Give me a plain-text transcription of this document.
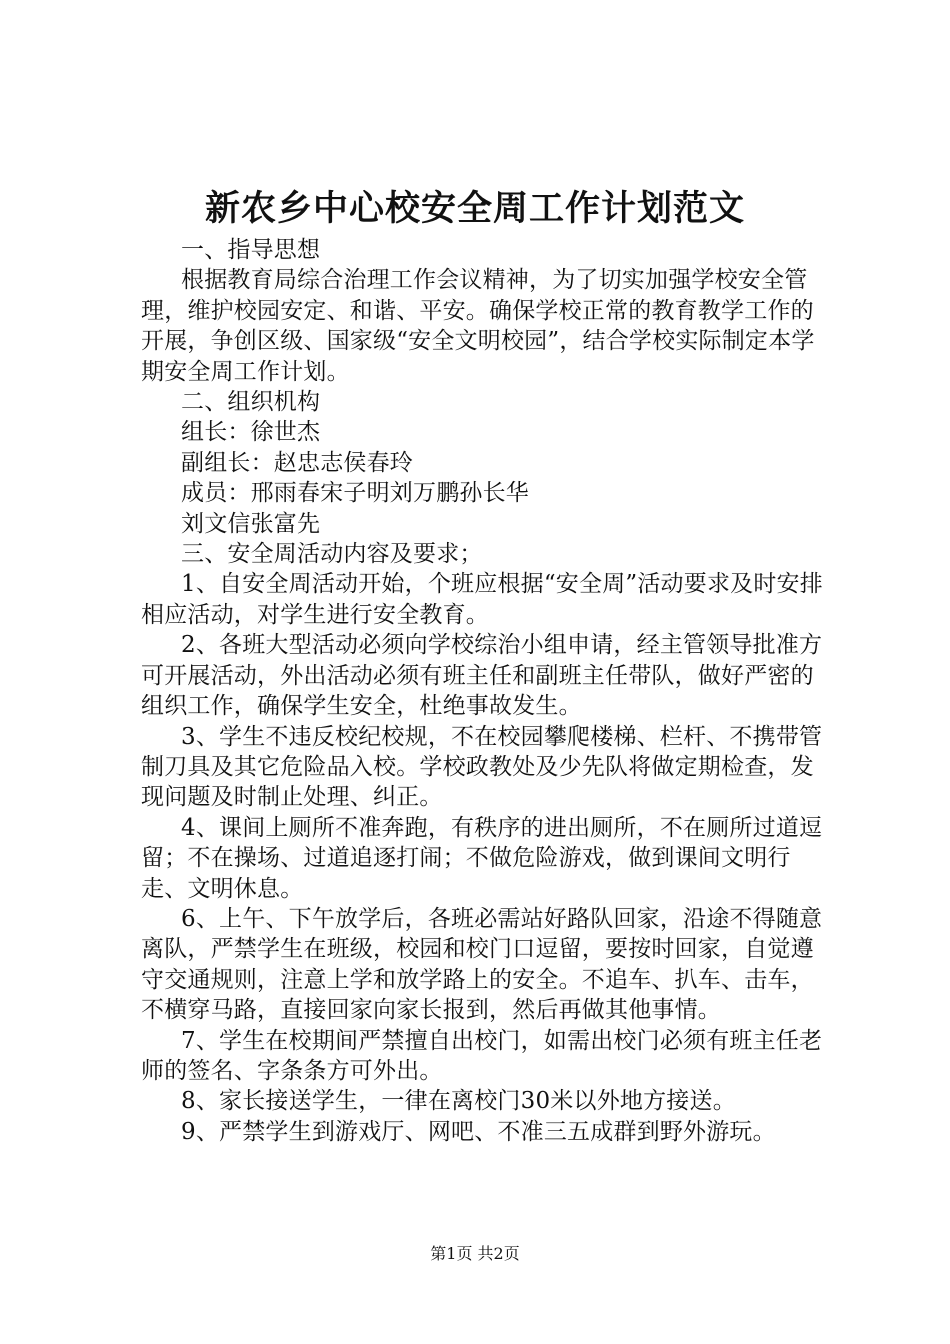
新农乡中心校安全周工作计划范文

一、指导思想

根据教育局综合治理工作会议精神，为了切实加强学校安全管理，维护校园安定、和谐、平安。确保学校正常的教育教学工作的开展，争创区级、国家级“安全文明校园”，结合学校实际制定本学期安全周工作计划。

二、组织机构

组长：徐世杰

副组长：赵忠志侯春玲

成员：邢雨春宋子明刘万鹏孙长华

刘文信张富先

三、安全周活动内容及要求；

1、自安全周活动开始，个班应根据“安全周”活动要求及时安排相应活动，对学生进行安全教育。

2、各班大型活动必须向学校综治小组申请，经主管领导批准方可开展活动，外出活动必须有班主任和副班主任带队，做好严密的组织工作，确保学生安全，杜绝事故发生。

3、学生不违反校纪校规，不在校园攀爬楼梯、栏杆、不携带管制刀具及其它危险品入校。学校政教处及少先队将做定期检查，发现问题及时制止处理、纠正。

4、课间上厕所不准奔跑，有秩序的进出厕所，不在厕所过道逗留；不在操场、过道追逐打闹；不做危险游戏，做到课间文明行走、文明休息。

6、上午、下午放学后，各班必需站好路队回家，沿途不得随意离队，严禁学生在班级，校园和校门口逗留，要按时回家，自觉遵守交通规则，注意上学和放学路上的安全。不追车、扒车、击车，不横穿马路，直接回家向家长报到，然后再做其他事情。

7、学生在校期间严禁擅自出校门，如需出校门必须有班主任老师的签名、字条条方可外出。

8、家长接送学生，一律在离校门30米以外地方接送。

9、严禁学生到游戏厅、网吧、不准三五成群到野外游玩。

第1页 共2页
